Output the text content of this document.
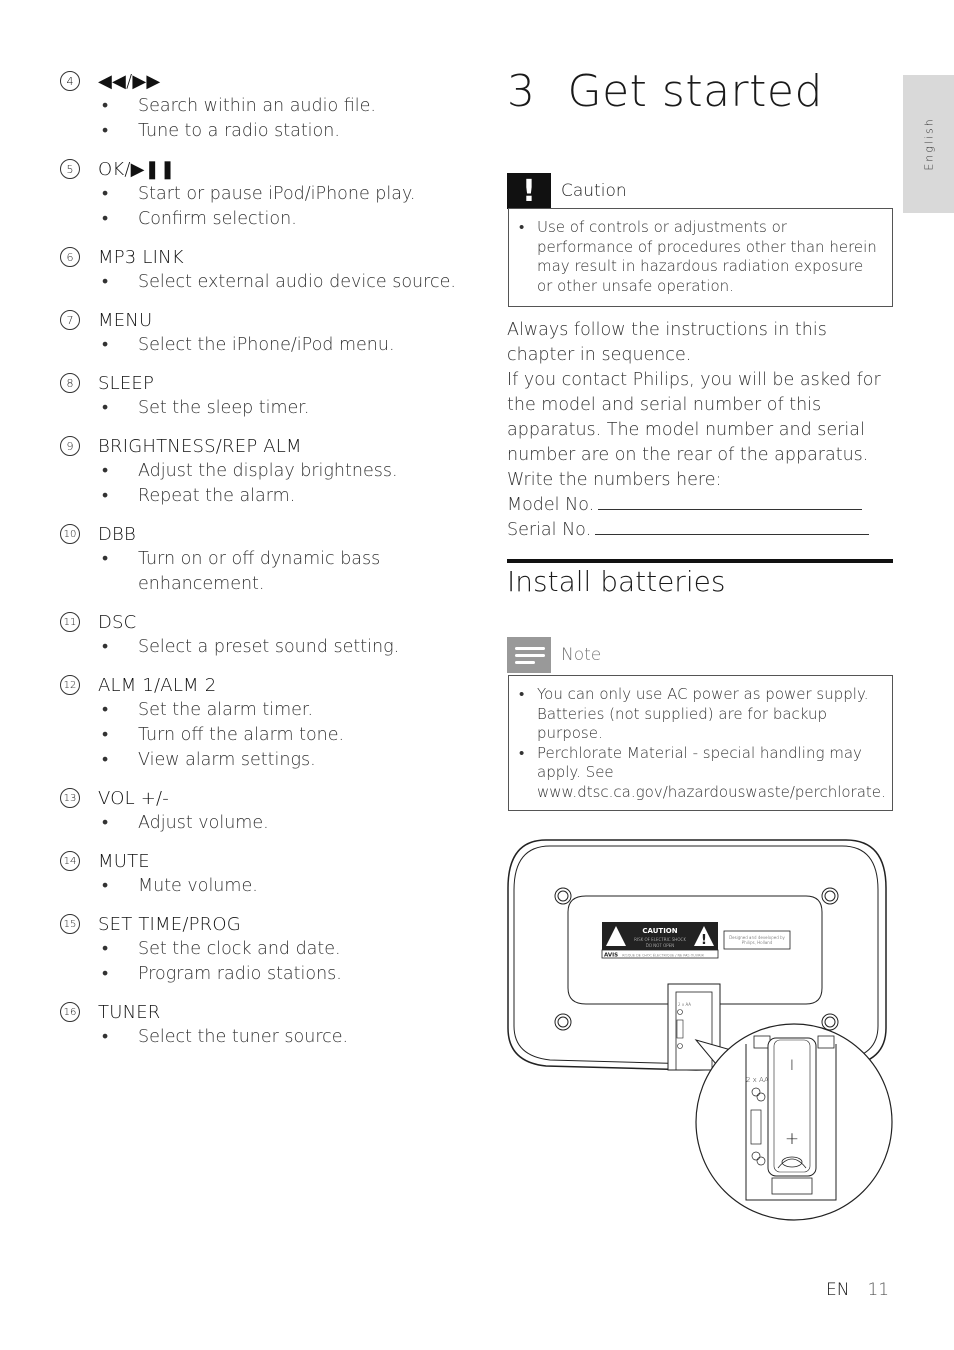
4	◀◀/▶▶
• Search within an audio file.
• Tune to a radio station.
5	OK/▶❚❚
• Start or pause iPod/iPhone play.
• Confirm selection.
6	MP3 LINK
• Select external audio device source.
7	MENU
• Select the iPhone/iPod menu.
8	SLEEP
• Set the sleep timer.
9	BRIGHTNESS/REP ALM
• Adjust the display brightness.
• Repeat the alarm.
10 DBB
• Turn on or off dynamic bass enhancement.
11 DSC
• Select a preset sound setting.
12 ALM 1/ALM 2
• Set the alarm timer.
• Turn off the alarm tone.
• View alarm settings.
13 VOL +/-
• Adjust volume.
14 MUTE
• Mute volume.
15 SET TIME/PROG
• Set the clock and date.
• Program radio stations.
16 TUNER
• Select the tuner source.
3 Get started
English
!	Caution
• Use of controls or adjustments or performance of procedures other than herein may result in hazardous radiation exposure or other unsafe operation.

Always follow the instructions in this chapter in sequence.

If you contact Philips, you will be asked for the model and serial number of this apparatus. The model number and serial number are on the rear of the apparatus. Write the numbers here:

Model No.

Serial No.

Install batteries
Note
• You can only use AC power as power supply. Batteries (not supplied) are for backup purpose.
• Perchlorate Material - special handling may apply. See www.dtsc.ca.gov/hazardouswaste/perchlorate.
!
CAUTION
RISK OF ELECTRIC SHOCK
DO NOT OPEN
AVIS RISQUE DE CHOC ÉLECTRIQUE / NE PAS OUVRIR
Designed and developed by
Philips, Holland
2 x AA
I
+
2 x AA
EN 11
